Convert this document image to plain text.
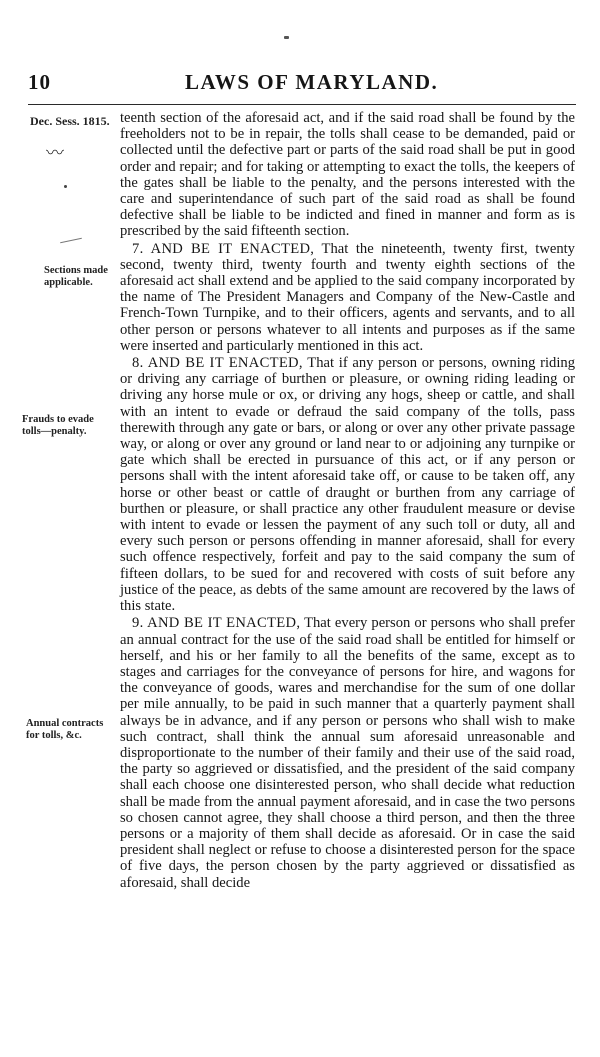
10	LAWS OF MARYLAND.
Dec. Sess. 1815.
〰
Sections made applicable.
Frauds to evade tolls—penalty.
Annual contracts for tolls, &c.

teenth section of the aforesaid act, and if the said road shall be found by the freeholders not to be in repair, the tolls shall cease to be demanded, paid or collected until the defective part or parts of the said road shall be put in good order and repair; and for taking or attempting to exact the tolls, the keepers of the gates shall be liable to the penalty, and the persons interested with the care and superintendance of such part of the said road as shall be found defective shall be liable to be indicted and fined in manner and form as is prescribed by the said fifteenth section.

7. AND BE IT ENACTED, That the nineteenth, twenty first, twenty second, twenty third, twenty fourth and twenty eighth sections of the aforesaid act shall extend and be applied to the said company incorporated by the name of The President Managers and Company of the New-Castle and French-Town Turnpike, and to their officers, agents and servants, and to all other person or persons whatever to all intents and purposes as if the same were inserted and particularly mentioned in this act.

8. AND BE IT ENACTED, That if any person or persons, owning riding or driving any carriage of burthen or pleasure, or owning riding leading or driving any horse mule or ox, or driving any hogs, sheep or cattle, and shall with an intent to evade or defraud the said company of the tolls, pass therewith through any gate or bars, or along or over any other private passage way, or along or over any ground or land near to or adjoining any turnpike or gate which shall be erected in pursuance of this act, or if any person or persons shall with the intent aforesaid take off, or cause to be taken off, any horse or other beast or cattle of draught or burthen from any carriage of burthen or pleasure, or shall practice any other fraudulent measure or devise with intent to evade or lessen the payment of any such toll or duty, all and every such person or persons offending in manner aforesaid, shall for every such offence respectively, forfeit and pay to the said company the sum of fifteen dollars, to be sued for and recovered with costs of suit before any justice of the peace, as debts of the same amount are recovered by the laws of this state.

9. AND BE IT ENACTED, That every person or persons who shall prefer an annual contract for the use of the said road shall be entitled for himself or herself, and his or her family to all the benefits of the same, except as to stages and carriages for the conveyance of persons for hire, and wagons for the conveyance of goods, wares and merchandise for the sum of one dollar per mile annually, to be paid in such manner that a quarterly payment shall always be in advance, and if any person or persons who shall wish to make such contract, shall think the annual sum aforesaid unreasonable and disproportionate to the number of their family and their use of the said road, the party so aggrieved or dissatisfied, and the president of the said company shall each choose one disinterested person, who shall decide what reduction shall be made from the annual payment aforesaid, and in case the two persons so chosen cannot agree, they shall choose a third person, and then the three persons or a majority of them shall decide as aforesaid. Or in case the said president shall neglect or refuse to choose a disinterested person for the space of five days, the person chosen by the party aggrieved or dissatisfied as aforesaid, shall decide
